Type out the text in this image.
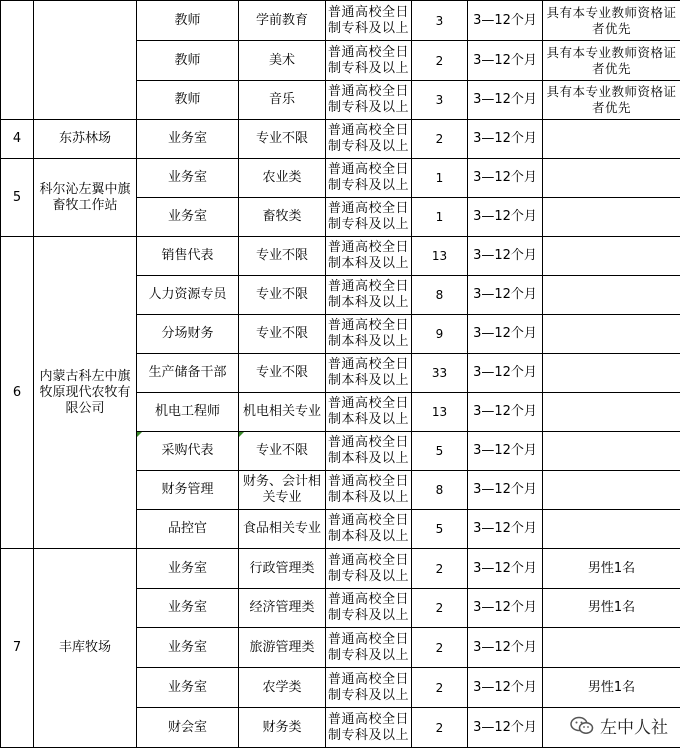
		教师	学前教育	普通高校全日制专科及以上	3	3—12个月	具有本专业教师资格证者优先
		教师	美术	普通高校全日制专科及以上	2	3—12个月	具有本专业教师资格证者优先
		教师	音乐	普通高校全日制专科及以上	3	3—12个月	具有本专业教师资格证者优先
4	东苏林场	业务室	专业不限	普通高校全日制专科及以上	2	3—12个月	
5	科尔沁左翼中旗畜牧工作站	业务室	农业类	普通高校全日制专科及以上	1	3—12个月	
		业务室	畜牧类	普通高校全日制专科及以上	1	3—12个月	
6	内蒙古科左中旗牧原现代农牧有限公司	销售代表	专业不限	普通高校全日制本科及以上	13	3—12个月	
		人力资源专员	专业不限	普通高校全日制本科及以上	8	3—12个月	
		分场财务	专业不限	普通高校全日制本科及以上	9	3—12个月	
		生产储备干部	专业不限	普通高校全日制本科及以上	33	3—12个月	
		机电工程师	机电相关专业	普通高校全日制本科及以上	13	3—12个月	
		采购代表	专业不限	普通高校全日制本科及以上	5	3—12个月	
		财务管理	财务、会计相关专业	普通高校全日制本科及以上	8	3—12个月	
		品控官	食品相关专业	普通高校全日制本科及以上	5	3—12个月	
7	丰库牧场	业务室	行政管理类	普通高校全日制专科及以上	2	3—12个月	男性1名
		业务室	经济管理类	普通高校全日制专科及以上	2	3—12个月	男性1名
		业务室	旅游管理类	普通高校全日制专科及以上	2	3—12个月	
		业务室	农学类	普通高校全日制专科及以上	2	3—12个月	男性1名
		财会室	财务类	普通高校全日制专科及以上	2	3—12个月		左中人社
